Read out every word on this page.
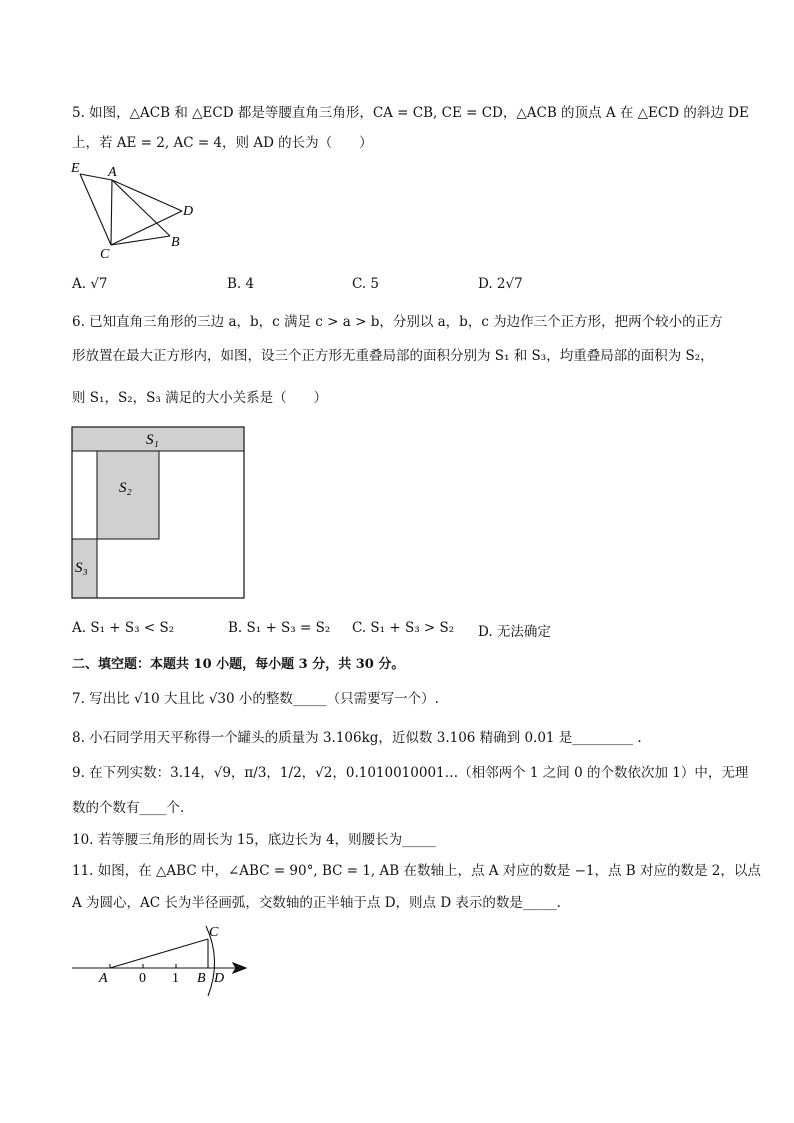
5. 如图，△ACB 和 △ECD 都是等腰直角三角形，CA = CB, CE = CD，△ACB 的顶点 A 在 △ECD 的斜边 DE
上，若 AE = 2, AC = 4，则 AD 的长为（　　）
E A
D
C
B
A. √7	B. 4	C. 5	D. 2√7
6. 已知直角三角形的三边 a，b，c 满足 c > a > b，分别以 a，b，c 为边作三个正方形，把两个较小的正方
形放置在最大正方形内，如图，设三个正方形无重叠局部的面积分别为 S₁ 和 S₃，均重叠局部的面积为 S₂，
则 S₁，S₂，S₃ 满足的大小关系是（　　）
S₁
S₂
S₃
A. S₁ + S₃ < S₂	B. S₁ + S₃ = S₂ C. S₁ + S₃ > S₂ D. 无法确定
二、填空题：本题共 10 小题，每小题 3 分，共 30 分。
7. 写出比 √10 大且比 √30 小的整数_____（只需要写一个）.
8. 小石同学用天平称得一个罐头的质量为 3.106kg，近似数 3.106 精确到 0.01 是_________ .
9. 在下列实数：3.14，√9，π/3，1/2，√2，0.1010010001…（相邻两个 1 之间 0 的个数依次加 1）中，无理
数的个数有____个.
10. 若等腰三角形的周长为 15，底边长为 4，则腰长为_____
11. 如图，在 △ABC 中，∠ABC = 90°, BC = 1, AB 在数轴上，点 A 对应的数是 −1，点 B 对应的数是 2，以点
A 为圆心，AC 长为半径画弧，交数轴的正半轴于点 D，则点 D 表示的数是_____.
C
A 0 1 B D
